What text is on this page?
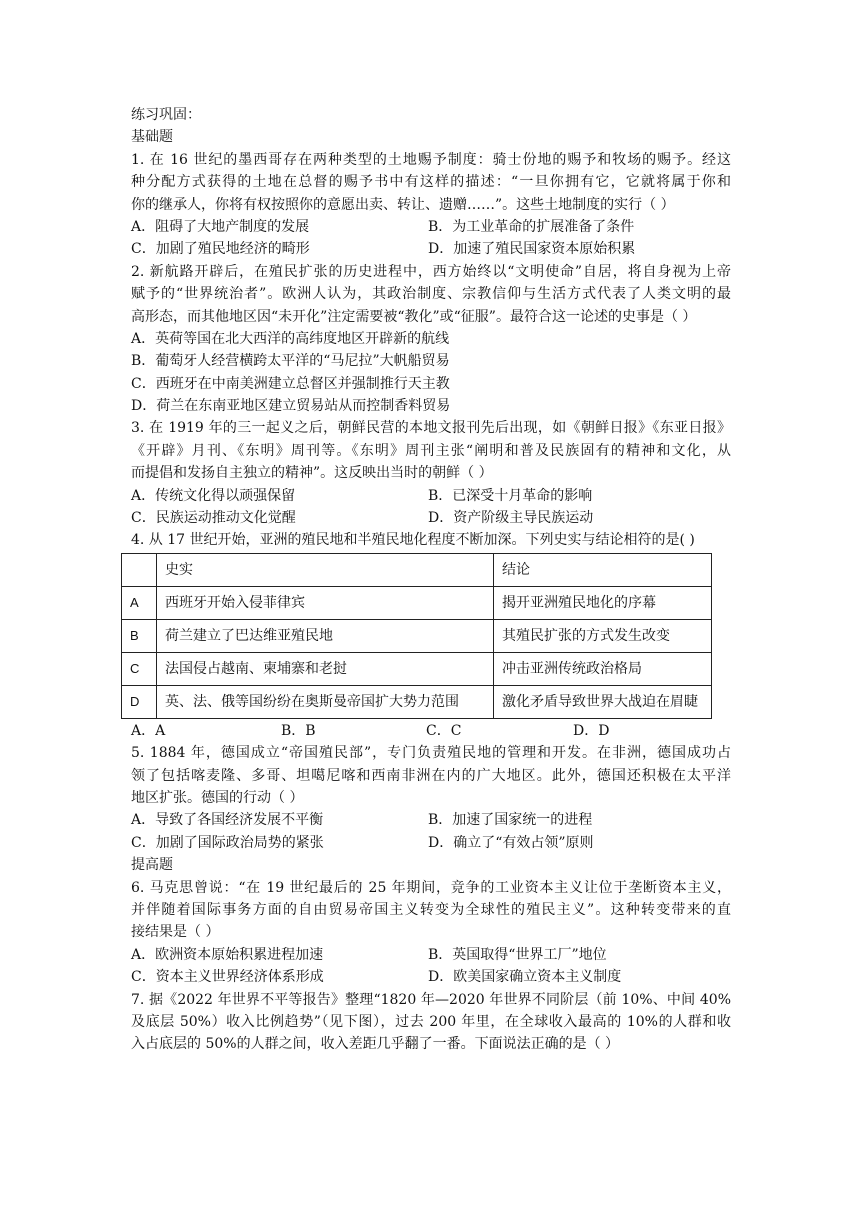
练习巩固：
基础题
1. 在 16 世纪的墨西哥存在两种类型的土地赐予制度：骑士份地的赐予和牧场的赐予。经这
种分配方式获得的土地在总督的赐予书中有这样的描述：“一旦你拥有它，它就将属于你和
你的继承人，你将有权按照你的意愿出卖、转让、遗赠……”。这些土地制度的实行（ ）
A．阻碍了大地产制度的发展	B．为工业革命的扩展准备了条件
C．加剧了殖民地经济的畸形	D．加速了殖民国家资本原始积累
2. 新航路开辟后，在殖民扩张的历史进程中，西方始终以“文明使命”自居，将自身视为上帝
赋予的“世界统治者”。欧洲人认为，其政治制度、宗教信仰与生活方式代表了人类文明的最
高形态，而其他地区因“未开化”注定需要被“教化”或“征服”。最符合这一论述的史事是（ ）
A．英荷等国在北大西洋的高纬度地区开辟新的航线
B．葡萄牙人经营横跨太平洋的“马尼拉”大帆船贸易
C．西班牙在中南美洲建立总督区并强制推行天主教
D．荷兰在东南亚地区建立贸易站从而控制香料贸易
3. 在 1919 年的三一起义之后，朝鲜民营的本地文报刊先后出现，如《朝鲜日报》《东亚日报》
《开辟》月刊、《东明》周刊等。《东明》周刊主张“阐明和普及民族固有的精神和文化，从
而提倡和发扬自主独立的精神”。这反映出当时的朝鲜（ ）
A．传统文化得以顽强保留	B．已深受十月革命的影响
C．民族运动推动文化觉醒	D．资产阶级主导民族运动
4. 从 17 世纪开始，亚洲的殖民地和半殖民地化程度不断加深。下列史实与结论相符的是( )
	史实	结论
A	西班牙开始入侵菲律宾	揭开亚洲殖民地化的序幕
B	荷兰建立了巴达维亚殖民地	其殖民扩张的方式发生改变
C	法国侵占越南、柬埔寨和老挝	冲击亚洲传统政治格局
D	英、法、俄等国纷纷在奥斯曼帝国扩大势力范围	激化矛盾导致世界大战迫在眉睫
A．A	B．B	C．C	D．D
5. 1884 年，德国成立“帝国殖民部”，专门负责殖民地的管理和开发。在非洲，德国成功占
领了包括喀麦隆、多哥、坦噶尼喀和西南非洲在内的广大地区。此外，德国还积极在太平洋
地区扩张。德国的行动（ ）
A．导致了各国经济发展不平衡	B．加速了国家统一的进程
C．加剧了国际政治局势的紧张	D．确立了“有效占领”原则
提高题
6. 马克思曾说：“在 19 世纪最后的 25 年期间，竞争的工业资本主义让位于垄断资本主义，
并伴随着国际事务方面的自由贸易帝国主义转变为全球性的殖民主义”。这种转变带来的直
接结果是（ ）
A．欧洲资本原始积累进程加速	B．英国取得“世界工厂”地位
C．资本主义世界经济体系形成	D．欧美国家确立资本主义制度
7. 据《2022 年世界不平等报告》整理“1820 年—2020 年世界不同阶层（前 10%、中间 40%
及底层 50%）收入比例趋势”（见下图），过去 200 年里，在全球收入最高的 10%的人群和收
入占底层的 50%的人群之间，收入差距几乎翻了一番。下面说法正确的是（ ）
